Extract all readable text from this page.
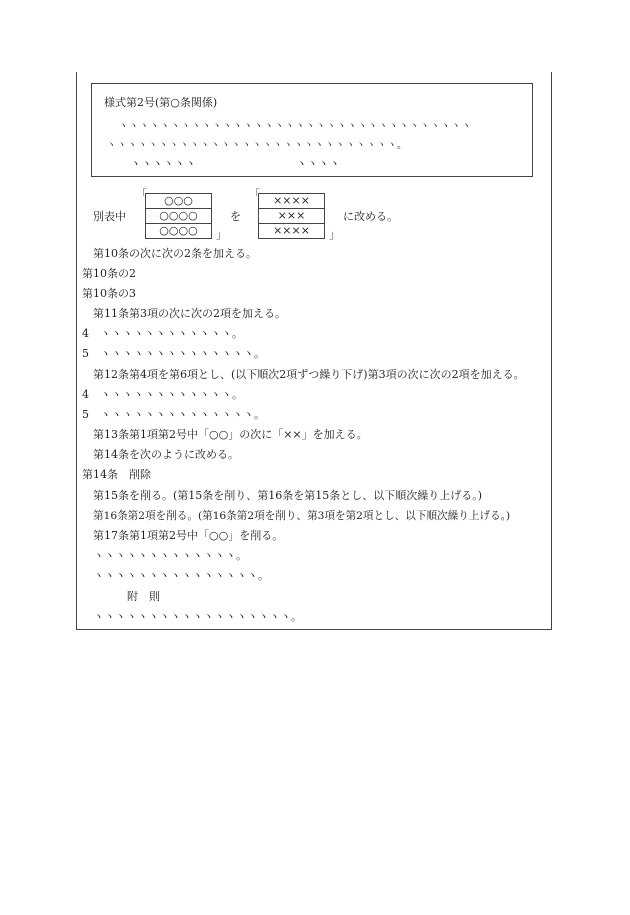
様式第2号(第○条関係)
ヽヽヽヽヽヽヽヽヽヽヽヽヽヽヽヽヽヽヽヽヽヽヽヽヽヽヽヽヽヽヽヽヽヽ
ヽヽヽヽヽヽヽヽヽヽヽヽヽヽヽヽヽヽヽヽヽヽヽヽヽヽヽヽ。
ヽヽヽヽヽヽ	ヽヽヽヽ
別表中
「 ○○○
○○○○
○○○○ 」
を
「 ××××
×××
×××× 」
に改める。
第10条の次に次の2条を加える。
第10条の2
第10条の3
第11条第3項の次に次の2項を加える。
4　ヽヽヽヽヽヽヽヽヽヽヽヽ。
5　ヽヽヽヽヽヽヽヽヽヽヽヽヽヽ。
第12条第4項を第6項とし、(以下順次2項ずつ繰り下げ)第3項の次に次の2項を加える。
4　ヽヽヽヽヽヽヽヽヽヽヽヽ。
5　ヽヽヽヽヽヽヽヽヽヽヽヽヽヽ。
第13条第1項第2号中「○○」の次に「××」を加える。
第14条を次のように改める。
第14条　削除
第15条を削る。(第15条を削り、第16条を第15条とし、以下順次繰り上げる。)
第16条第2項を削る。(第16条第2項を削り、第3項を第2項とし、以下順次繰り上げる。)
第17条第1項第2号中「○○」を削る。
ヽヽヽヽヽヽヽヽヽヽヽヽヽ。
ヽヽヽヽヽヽヽヽヽヽヽヽヽヽヽ。
附　則
ヽヽヽヽヽヽヽヽヽヽヽヽヽヽヽヽヽヽ。
